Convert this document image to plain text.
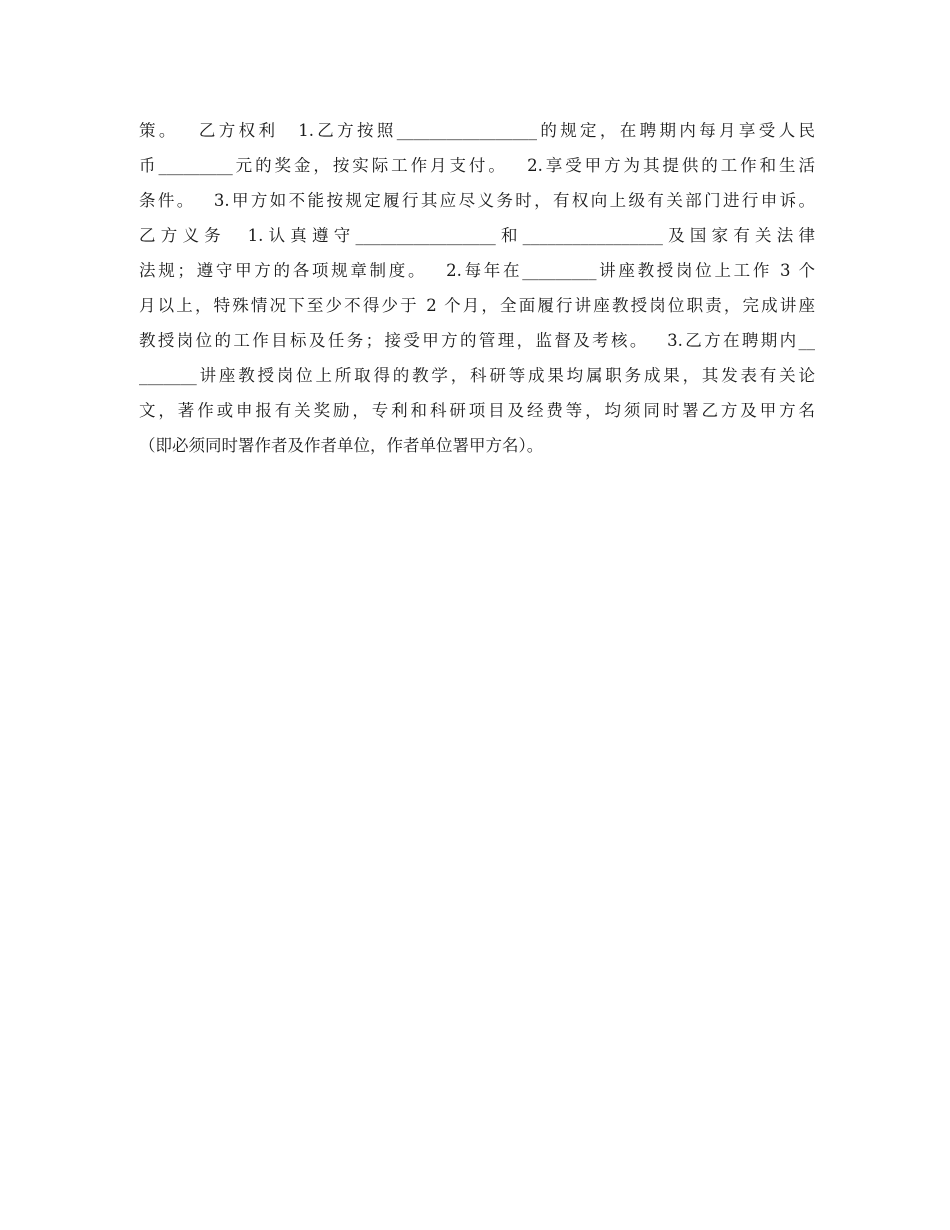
策。　 乙方权利　1.乙方按照_________________的规定，在聘期内每月享受人民
币_________元的奖金，按实际工作月支付。　 2.享受甲方为其提供的工作和生活
条件。　 3.甲方如不能按规定履行其应尽义务时，有权向上级有关部门进行申诉。
乙方义务　1.认真遵守_________________和_________________及国家有关法律
法规；遵守甲方的各项规章制度。　 2.每年在_________讲座教授岗位上工作 3 个
月以上，特殊情况下至少不得少于 2 个月，全面履行讲座教授岗位职责，完成讲座
教授岗位的工作目标及任务；接受甲方的管理，监督及考核。　 3.乙方在聘期内__
_______讲座教授岗位上所取得的教学，科研等成果均属职务成果，其发表有关论
文，著作或申报有关奖励，专利和科研项目及经费等，均须同时署乙方及甲方名
（即必须同时署作者及作者单位，作者单位署甲方名）。
